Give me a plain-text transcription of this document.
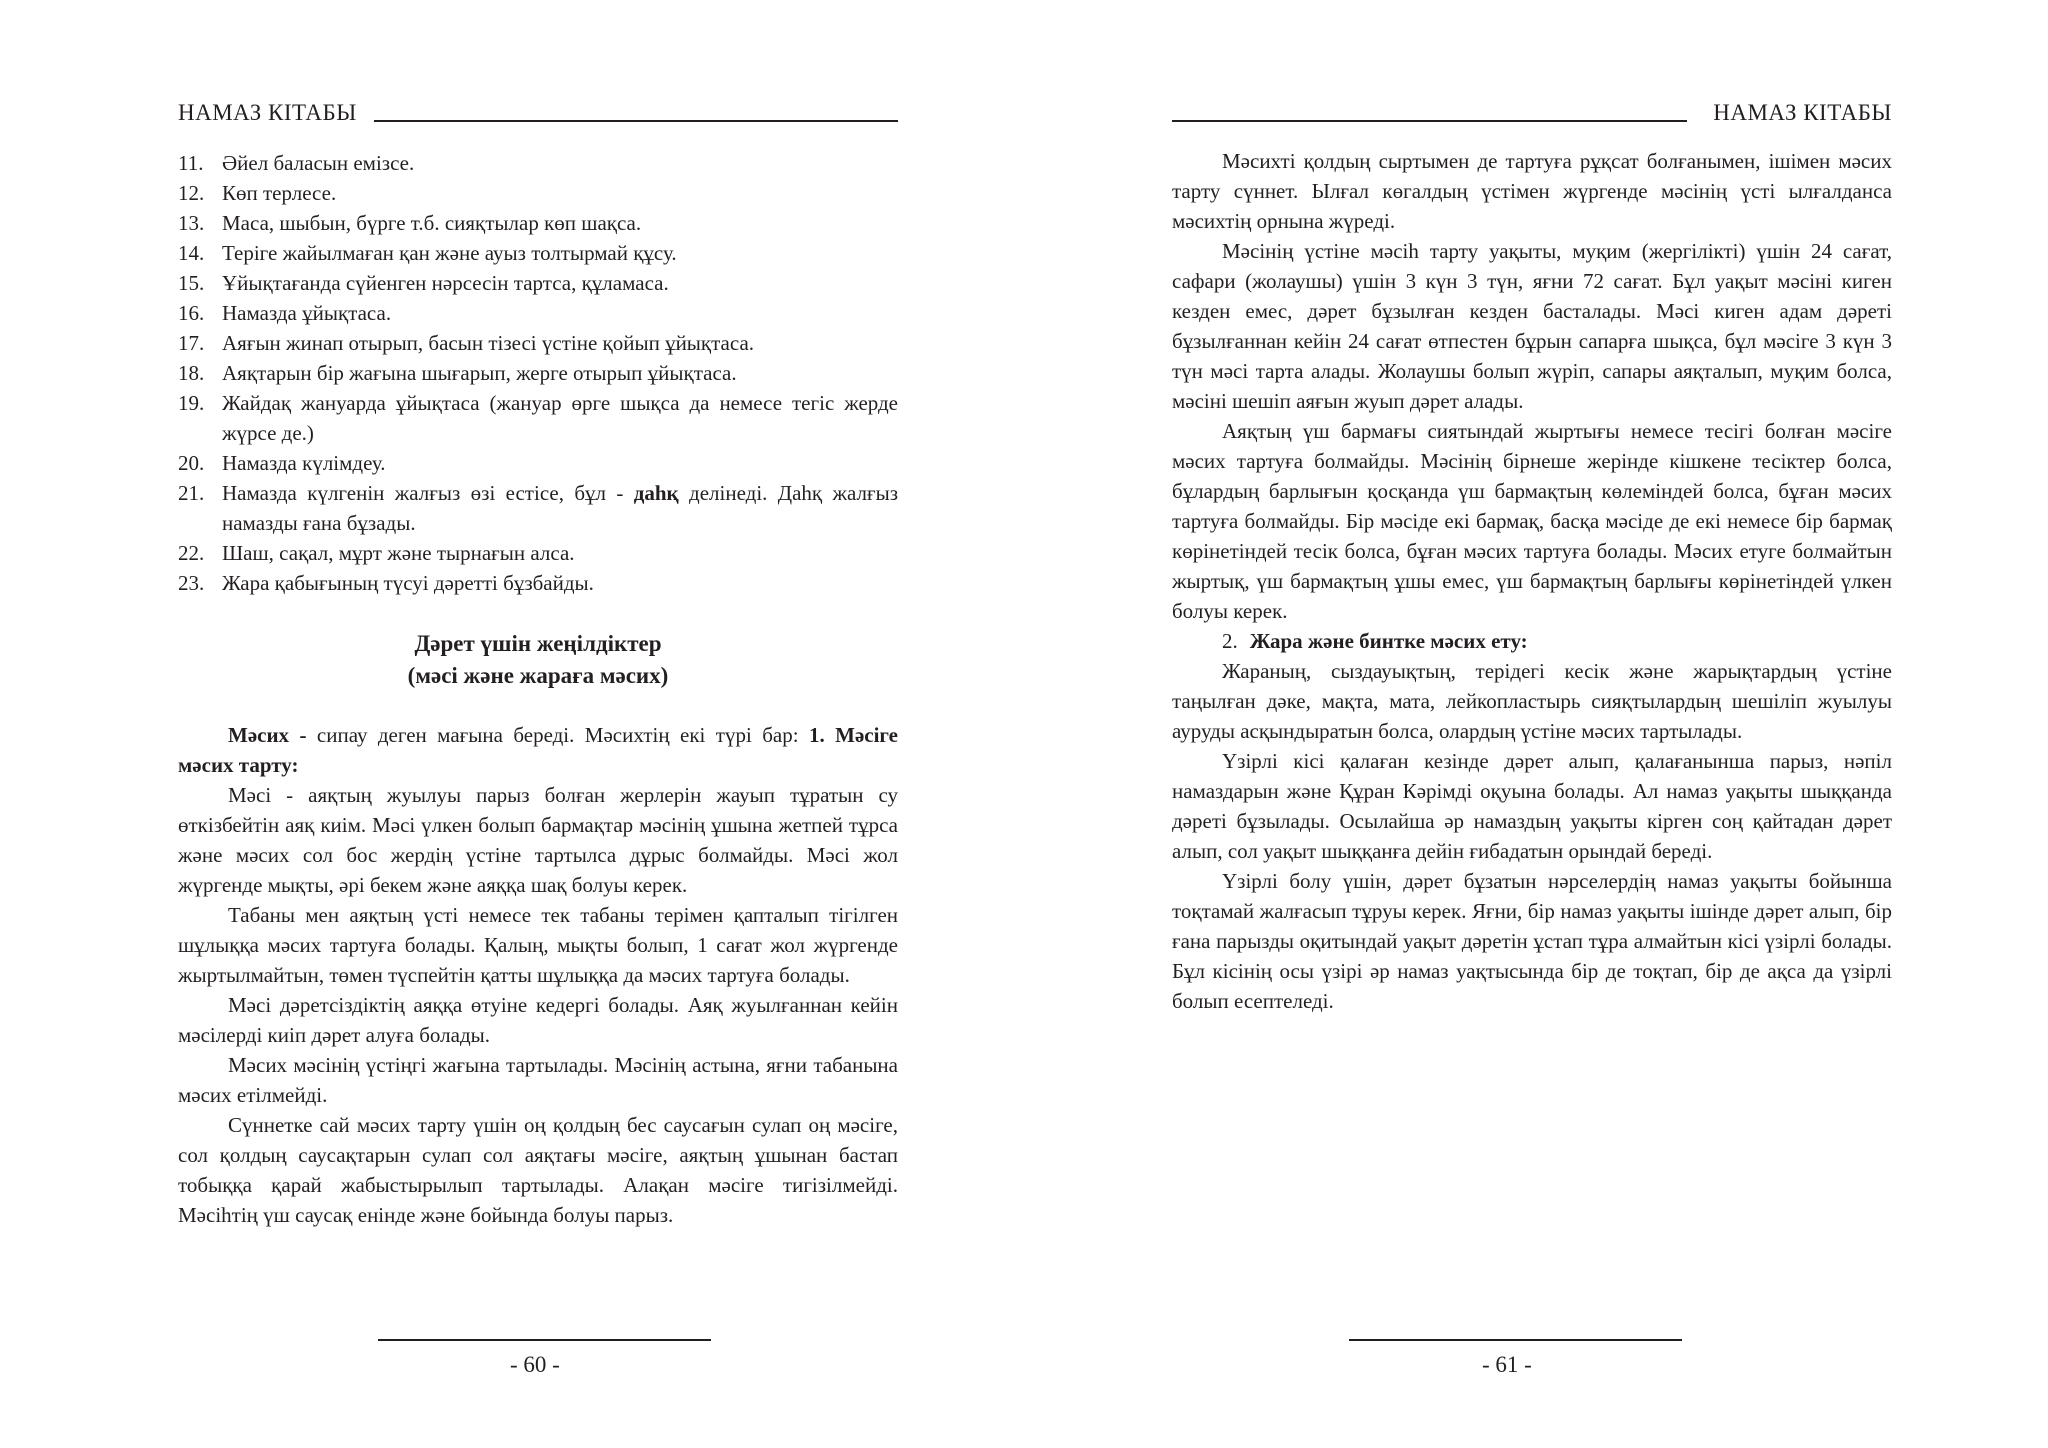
НАМАЗ КІТАБЫ
11. Әйел баласын емізсе.
12. Көп терлесе.
13. Маса, шыбын, бүрге т.б. сияқтылар көп шақса.
14. Теріге жайылмаған қан және ауыз толтырмай құсу.
15. Ұйықтағанда сүйенген нәрсесін тартса, құламаса.
16. Намазда ұйықтаса.
17. Аяғын жинап отырып, басын тізесі үстіне қойып ұйықтаса.
18. Аяқтарын бір жағына шығарып, жерге отырып ұйықтаса.
19. Жайдақ жануарда ұйықтаса (жануар өрге шықса да немесе тегіс жерде жүрсе де.)
20. Намазда күлімдеу.
21. Намазда күлгенін жалғыз өзі естісе, бұл - даһқ делінеді. Даһқ жалғыз намазды ғана бұзады.
22. Шаш, сақал, мұрт және тырнағын алса.
23. Жара қабығының түсуі дәретті бұзбайды.
Дәрет үшін жеңілдіктер
(мәсі және жараға мәсих)

Мәсих - сипау деген мағына береді. Мәсихтің екі түрі бар: 1. Мәсіге мәсих тарту:

Мәсі - аяқтың жуылуы парыз болған жерлерін жауып тұратын су өткізбейтін аяқ киім. Мәсі үлкен болып бармақтар мәсінің ұшына жетпей тұрса және мәсих сол бос жердің үстіне тартылса дұрыс болмайды. Мәсі жол жүргенде мықты, әрі бекем және аяққа шақ болуы керек.

Табаны мен аяқтың үсті немесе тек табаны терімен қапталып тігілген шұлыққа мәсих тартуға болады. Қалың, мықты болып, 1 сағат жол жүргенде жыртылмайтын, төмен түспейтін қатты шұлыққа да мәсих тартуға болады.

Мәсі дәретсіздіктің аяққа өтуіне кедергі болады. Аяқ жуылғаннан кейін мәсілерді киіп дәрет алуға болады.

Мәсих мәсінің үстіңгі жағына тартылады. Мәсінің астына, яғни табанына мәсих етілмейді.

Сүннетке сай мәсих тарту үшін оң қолдың бес саусағын сулап оң мәсіге, сол қолдың саусақтарын сулап сол аяқтағы мәсіге, аяқтың ұшынан бастап тобыққа қарай жабыстырылып тартылады. Алақан мәсіге тигізілмейді. Мәсіhтің үш саусақ енінде және бойында болуы парыз.

- 60 -
НАМАЗ КІТАБЫ

Мәсихті қолдың сыртымен де тартуға рұқсат болғанымен, ішімен мәсих тарту сүннет. Ылғал көгалдың үстімен жүргенде мәсінің үсті ылғалданса мәсихтің орнына жүреді.

Мәсінің үстіне мәсіh тарту уақыты, муқим (жергілікті) үшін 24 сағат, сафари (жолаушы) үшін 3 күн 3 түн, яғни 72 сағат. Бұл уақыт мәсіні киген кезден емес, дәрет бұзылған кезден басталады. Мәсі киген адам дәреті бұзылғаннан кейін 24 сағат өтпестен бұрын сапарға шықса, бұл мәсіге 3 күн 3 түн мәсі тарта алады. Жолаушы болып жүріп, сапары аяқталып, муқим болса, мәсіні шешіп аяғын жуып дәрет алады.

Аяқтың үш бармағы сиятындай жыртығы немесе тесігі болған мәсіге мәсих тартуға болмайды. Мәсінің бірнеше жерінде кішкене тесіктер болса, бұлардың барлығын қосқанда үш бармақтың көлеміндей болса, бұған мәсих тартуға болмайды. Бір мәсіде екі бармақ, басқа мәсіде де екі немесе бір бармақ көрінетіндей тесік болса, бұған мәсих тартуға болады. Мәсих етуге болмайтын жыртық, үш бармақтың ұшы емес, үш бармақтың барлығы көрінетіндей үлкен болуы керек.

2. Жара және бинтке мәсих ету:

Жараның, сыздауықтың, терідегі кесік және жарықтардың үстіне таңылған дәке, мақта, мата, лейкопластырь сияқтылардың шешіліп жуылуы ауруды асқындыратын болса, олардың үстіне мәсих тартылады.

Үзірлі кісі қалаған кезінде дәрет алып, қалағанынша парыз, нәпіл намаздарын және Құран Кәрімді оқуына болады. Ал намаз уақыты шыққанда дәреті бұзылады. Осылайша әр намаздың уақыты кірген соң қайтадан дәрет алып, сол уақыт шыққанға дейін ғибадатын орындай береді.

Үзірлі болу үшін, дәрет бұзатын нәрселердің намаз уақыты бойынша тоқтамай жалғасып тұруы керек. Яғни, бір намаз уақыты ішінде дәрет алып, бір ғана парызды оқитындай уақыт дәретін ұстап тұра алмайтын кісі үзірлі болады. Бұл кісінің осы үзірі әр намаз уақтысында бір де тоқтап, бір де ақса да үзірлі болып есептеледі.

- 61 -
